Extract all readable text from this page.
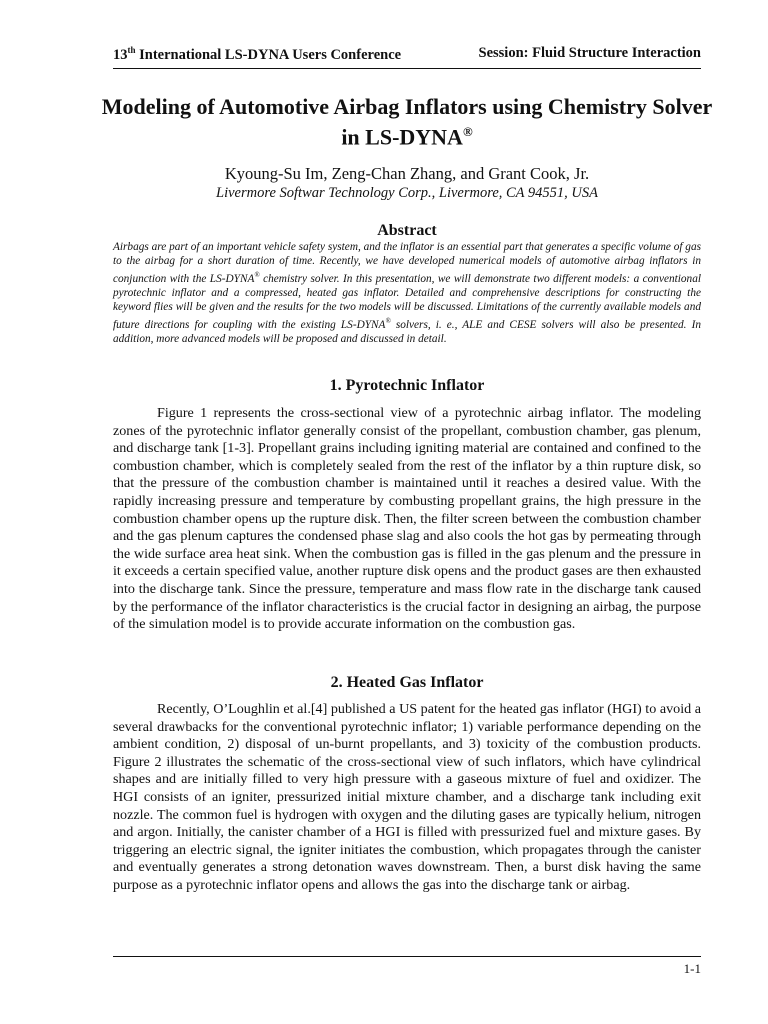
13th International LS-DYNA Users Conference	Session: Fluid Structure Interaction
Modeling of Automotive Airbag Inflators using Chemistry Solver in LS-DYNA®
Kyoung-Su Im, Zeng-Chan Zhang, and Grant Cook, Jr.
Livermore Softwar Technology Corp., Livermore, CA 94551, USA
Abstract
Airbags are part of an important vehicle safety system, and the inflator is an essential part that generates a specific volume of gas to the airbag for a short duration of time. Recently, we have developed numerical models of automotive airbag inflators in conjunction with the LS-DYNA® chemistry solver. In this presentation, we will demonstrate two different models: a conventional pyrotechnic inflator and a compressed, heated gas inflator. Detailed and comprehensive descriptions for constructing the keyword flies will be given and the results for the two models will be discussed. Limitations of the currently available models and future directions for coupling with the existing LS-DYNA® solvers, i. e., ALE and CESE solvers will also be presented. In addition, more advanced models will be proposed and discussed in detail.
1. Pyrotechnic Inflator
Figure 1 represents the cross-sectional view of a pyrotechnic airbag inflator. The modeling zones of the pyrotechnic inflator generally consist of the propellant, combustion chamber, gas plenum, and discharge tank [1-3]. Propellant grains including igniting material are contained and confined to the combustion chamber, which is completely sealed from the rest of the inflator by a thin rupture disk, so that the pressure of the combustion chamber is maintained until it reaches a desired value. With the rapidly increasing pressure and temperature by combusting propellant grains, the high pressure in the combustion chamber opens up the rupture disk. Then, the filter screen between the combustion chamber and the gas plenum captures the condensed phase slag and also cools the hot gas by permeating through the wide surface area heat sink. When the combustion gas is filled in the gas plenum and the pressure in it exceeds a certain specified value, another rupture disk opens and the product gases are then exhausted into the discharge tank. Since the pressure, temperature and mass flow rate in the discharge tank caused by the performance of the inflator characteristics is the crucial factor in designing an airbag, the purpose of the simulation model is to provide accurate information on the combustion gas.
2. Heated Gas Inflator
Recently, O’Loughlin et al.[4] published a US patent for the heated gas inflator (HGI) to avoid a several drawbacks for the conventional pyrotechnic inflator; 1) variable performance depending on the ambient condition, 2) disposal of un-burnt propellants, and 3) toxicity of the combustion products. Figure 2 illustrates the schematic of the cross-sectional view of such inflators, which have cylindrical shapes and are initially filled to very high pressure with a gaseous mixture of fuel and oxidizer. The HGI consists of an igniter, pressurized initial mixture chamber, and a discharge tank including exit nozzle. The common fuel is hydrogen with oxygen and the diluting gases are typically helium, nitrogen and argon. Initially, the canister chamber of a HGI is filled with pressurized fuel and mixture gases. By triggering an electric signal, the igniter initiates the combustion, which propagates through the canister and eventually generates a strong detonation waves downstream. Then, a burst disk having the same purpose as a pyrotechnic inflator opens and allows the gas into the discharge tank or airbag.
1-1
